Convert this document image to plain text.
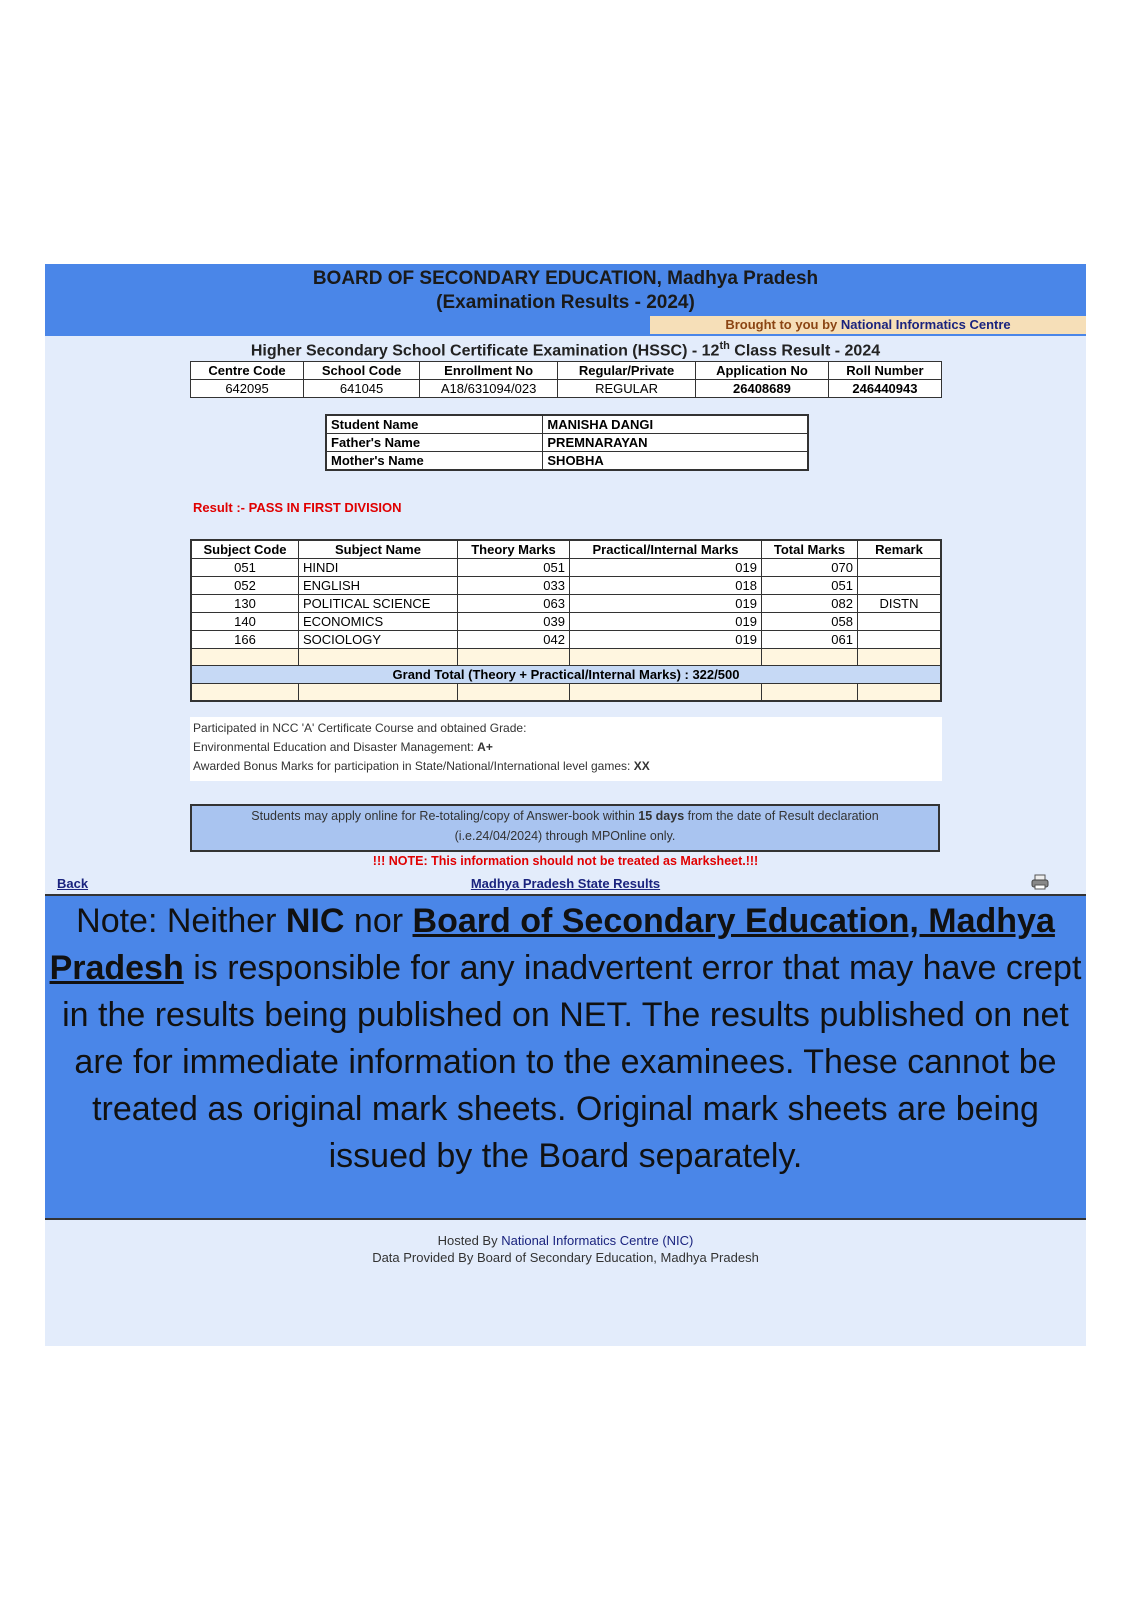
BOARD OF SECONDARY EDUCATION, Madhya Pradesh
(Examination Results - 2024)
Brought to you by National Informatics Centre
Higher Secondary School Certificate Examination (HSSC) - 12th Class Result - 2024
Centre Code	School Code	Enrollment No	Regular/Private	Application No	Roll Number
642095	641045	A18/631094/023	REGULAR	26408689	246440943
Student Name	MANISHA DANGI
Father's Name	PREMNARAYAN
Mother's Name	SHOBHA
Result :- PASS IN FIRST DIVISION
Subject Code	Subject Name	Theory Marks	Practical/Internal Marks	Total Marks	Remark
051	HINDI	051	019	070	
052	ENGLISH	033	018	051	
130	POLITICAL SCIENCE	063	019	082	DISTN
140	ECONOMICS	039	019	058	
166	SOCIOLOGY	042	019	061	

Grand Total (Theory + Practical/Internal Marks) : 322/500					

Participated in NCC 'A' Certificate Course and obtained Grade:
Environmental Education and Disaster Management: A+
Awarded Bonus Marks for participation in State/National/International level games: XX
Students may apply online for Re-totaling/copy of Answer-book within 15 days from the date of Result declaration
(i.e.24/04/2024) through MPOnline only.
!!! NOTE: This information should not be treated as Marksheet.!!!
Back	Madhya Pradesh State Results
Note: Neither NIC nor Board of Secondary Education, Madhya Pradesh is responsible for any inadvertent error that may have crept in the results being published on NET. The results published on net are for immediate information to the examinees. These cannot be treated as original mark sheets. Original mark sheets are being issued by the Board separately.
Hosted By National Informatics Centre (NIC)
Data Provided By Board of Secondary Education, Madhya Pradesh
